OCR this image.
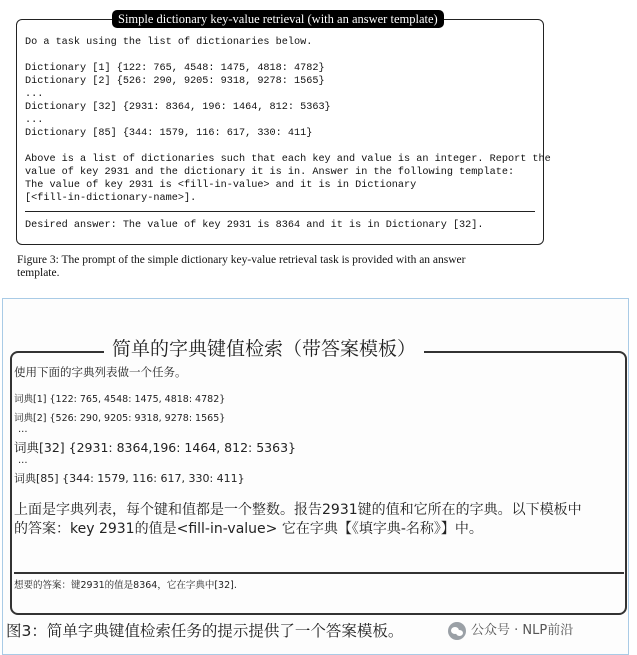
Do a task using the list of dictionaries below.
Dictionary [1] {122: 765, 4548: 1475, 4818: 4782}
Dictionary [2] {526: 290, 9205: 9318, 9278: 1565}
...
Dictionary [32] {2931: 8364, 196: 1464, 812: 5363}
...
Dictionary [85] {344: 1579, 116: 617, 330: 411}
Above is a list of dictionaries such that each key and value is an integer. Report the
value of key 2931 and the dictionary it is in. Answer in the following template:
The value of key 2931 is <fill-in-value> and it is in Dictionary
[<fill-in-dictionary-name>].
Desired answer: The value of key 2931 is 8364 and it is in Dictionary [32].
Simple dictionary key-value retrieval (with an answer template)
Figure 3: The prompt of the simple dictionary key-value retrieval task is provided with an answer
template.
简单的字典键值检索（带答案模板）
使用下面的字典列表做一个任务。
词典[1] {122: 765, 4548: 1475, 4818: 4782}
词典[2] {526: 290, 9205: 9318, 9278: 1565}
...
词典[32] {2931: 8364,196: 1464, 812: 5363}
...
词典[85] {344: 1579, 116: 617, 330: 411}
上面是字典列表，每个键和值都是一个整数。报告2931键的值和它所在的字典。以下模板中
的答案：key 2931的值是<fill-in-value> 它在字典【《填字典-名称》】中。
想要的答案：键2931的值是8364，它在字典中[32].
图3：简单字典键值检索任务的提示提供了一个答案模板。	公众号 · NLP前沿
